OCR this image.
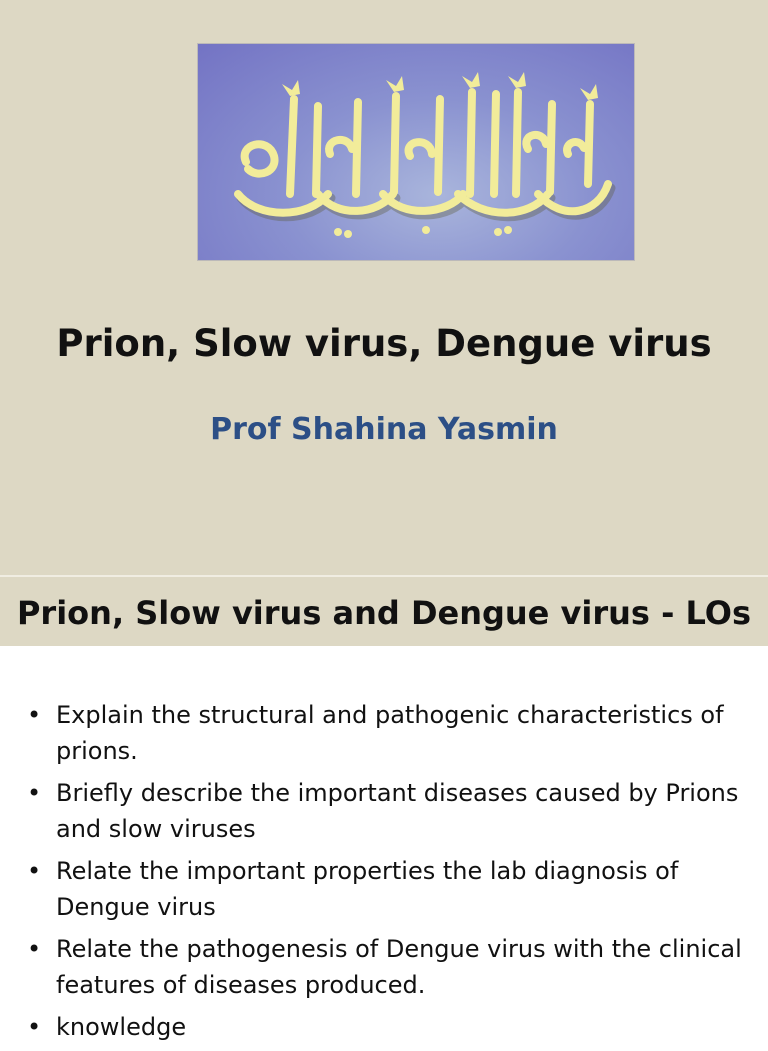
Prion, Slow virus, Dengue virus
Prof Shahina Yasmin
Prion, Slow virus and Dengue virus - LOs
• Explain the structural and pathogenic characteristics of prions.
• Briefly describe the important diseases caused by Prions and slow viruses
• Relate the important properties the lab diagnosis of Dengue virus
• Relate the pathogenesis of Dengue virus with the clinical features of diseases produced.
• knowledge
